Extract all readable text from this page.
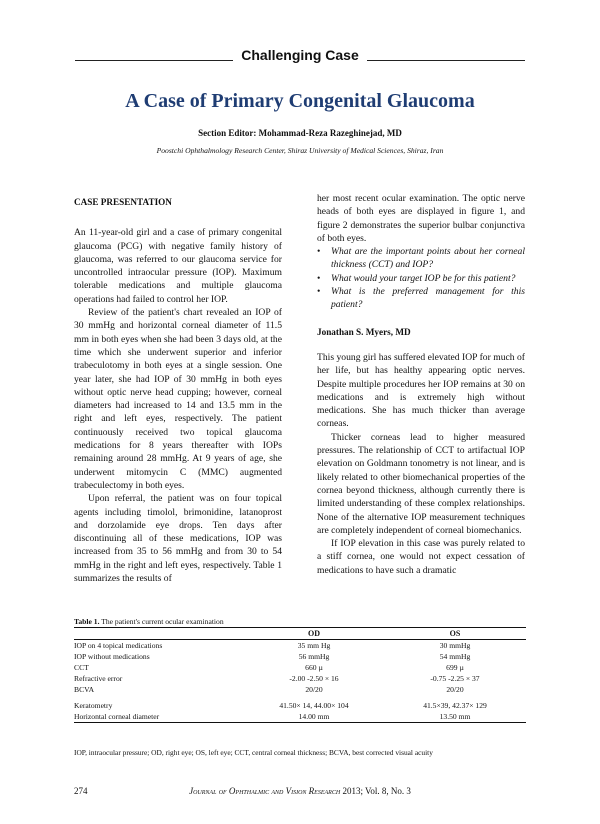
Challenging Case
A Case of Primary Congenital Glaucoma
Section Editor: Mohammad-Reza Razeghinejad, MD
Poostchi Ophthalmology Research Center, Shiraz University of Medical Sciences, Shiraz, Iran

CASE PRESENTATION

An 11-year-old girl and a case of primary congenital glaucoma (PCG) with negative family history of glaucoma, was referred to our glaucoma service for uncontrolled intraocular pressure (IOP). Maximum tolerable medications and multiple glaucoma operations had failed to control her IOP.

Review of the patient's chart revealed an IOP of 30 mmHg and horizontal corneal diameter of 11.5 mm in both eyes when she had been 3 days old, at the time which she underwent superior and inferior trabeculotomy in both eyes at a single session. One year later, she had IOP of 30 mmHg in both eyes without optic nerve head cupping; however, corneal diameters had increased to 14 and 13.5 mm in the right and left eyes, respectively. The patient continuously received two topical glaucoma medications for 8 years thereafter with IOPs remaining around 28 mmHg. At 9 years of age, she underwent mitomycin C (MMC) augmented trabeculectomy in both eyes.

Upon referral, the patient was on four topical agents including timolol, brimonidine, latanoprost and dorzolamide eye drops. Ten days after discontinuing all of these medications, IOP was increased from 35 to 56 mmHg and from 30 to 54 mmHg in the right and left eyes, respectively. Table 1 summarizes the results of

her most recent ocular examination. The optic nerve heads of both eyes are displayed in figure 1, and figure 2 demonstrates the superior bulbar conjunctiva of both eyes.

• What are the important points about her corneal thickness (CCT) and IOP?
• What would your target IOP be for this patient?
• What is the preferred management for this patient?

Jonathan S. Myers, MD

This young girl has suffered elevated IOP for much of her life, but has healthy appearing optic nerves. Despite multiple procedures her IOP remains at 30 on medications and is extremely high without medications. She has much thicker than average corneas.

Thicker corneas lead to higher measured pressures. The relationship of CCT to artifactual IOP elevation on Goldmann tonometry is not linear, and is likely related to other biomechanical properties of the cornea beyond thickness, although currently there is limited understanding of these complex relationships. None of the alternative IOP measurement techniques are completely independent of corneal biomechanics.

If IOP elevation in this case was purely related to a stiff cornea, one would not expect cessation of medications to have such a dramatic

Table 1. The patient's current ocular examination
	OD	OS
IOP on 4 topical medications	35 mm Hg	30 mmHg
IOP without medications	56 mmHg	54 mmHg
CCT	660 µ	699 µ
Refractive error	-2.00 -2.50 × 16	-0.75 -2.25 × 37
BCVA	20/20	20/20

Keratometry	41.50× 14, 44.00× 104	41.5×39, 42.37× 129
Horizontal corneal diameter	14.00 mm	13.50 mm
IOP, intraocular pressure; OD, right eye; OS, left eye; CCT, central corneal thickness; BCVA, best corrected visual acuity
274	Journal of Ophthalmic and Vision Research 2013; Vol. 8, No. 3
